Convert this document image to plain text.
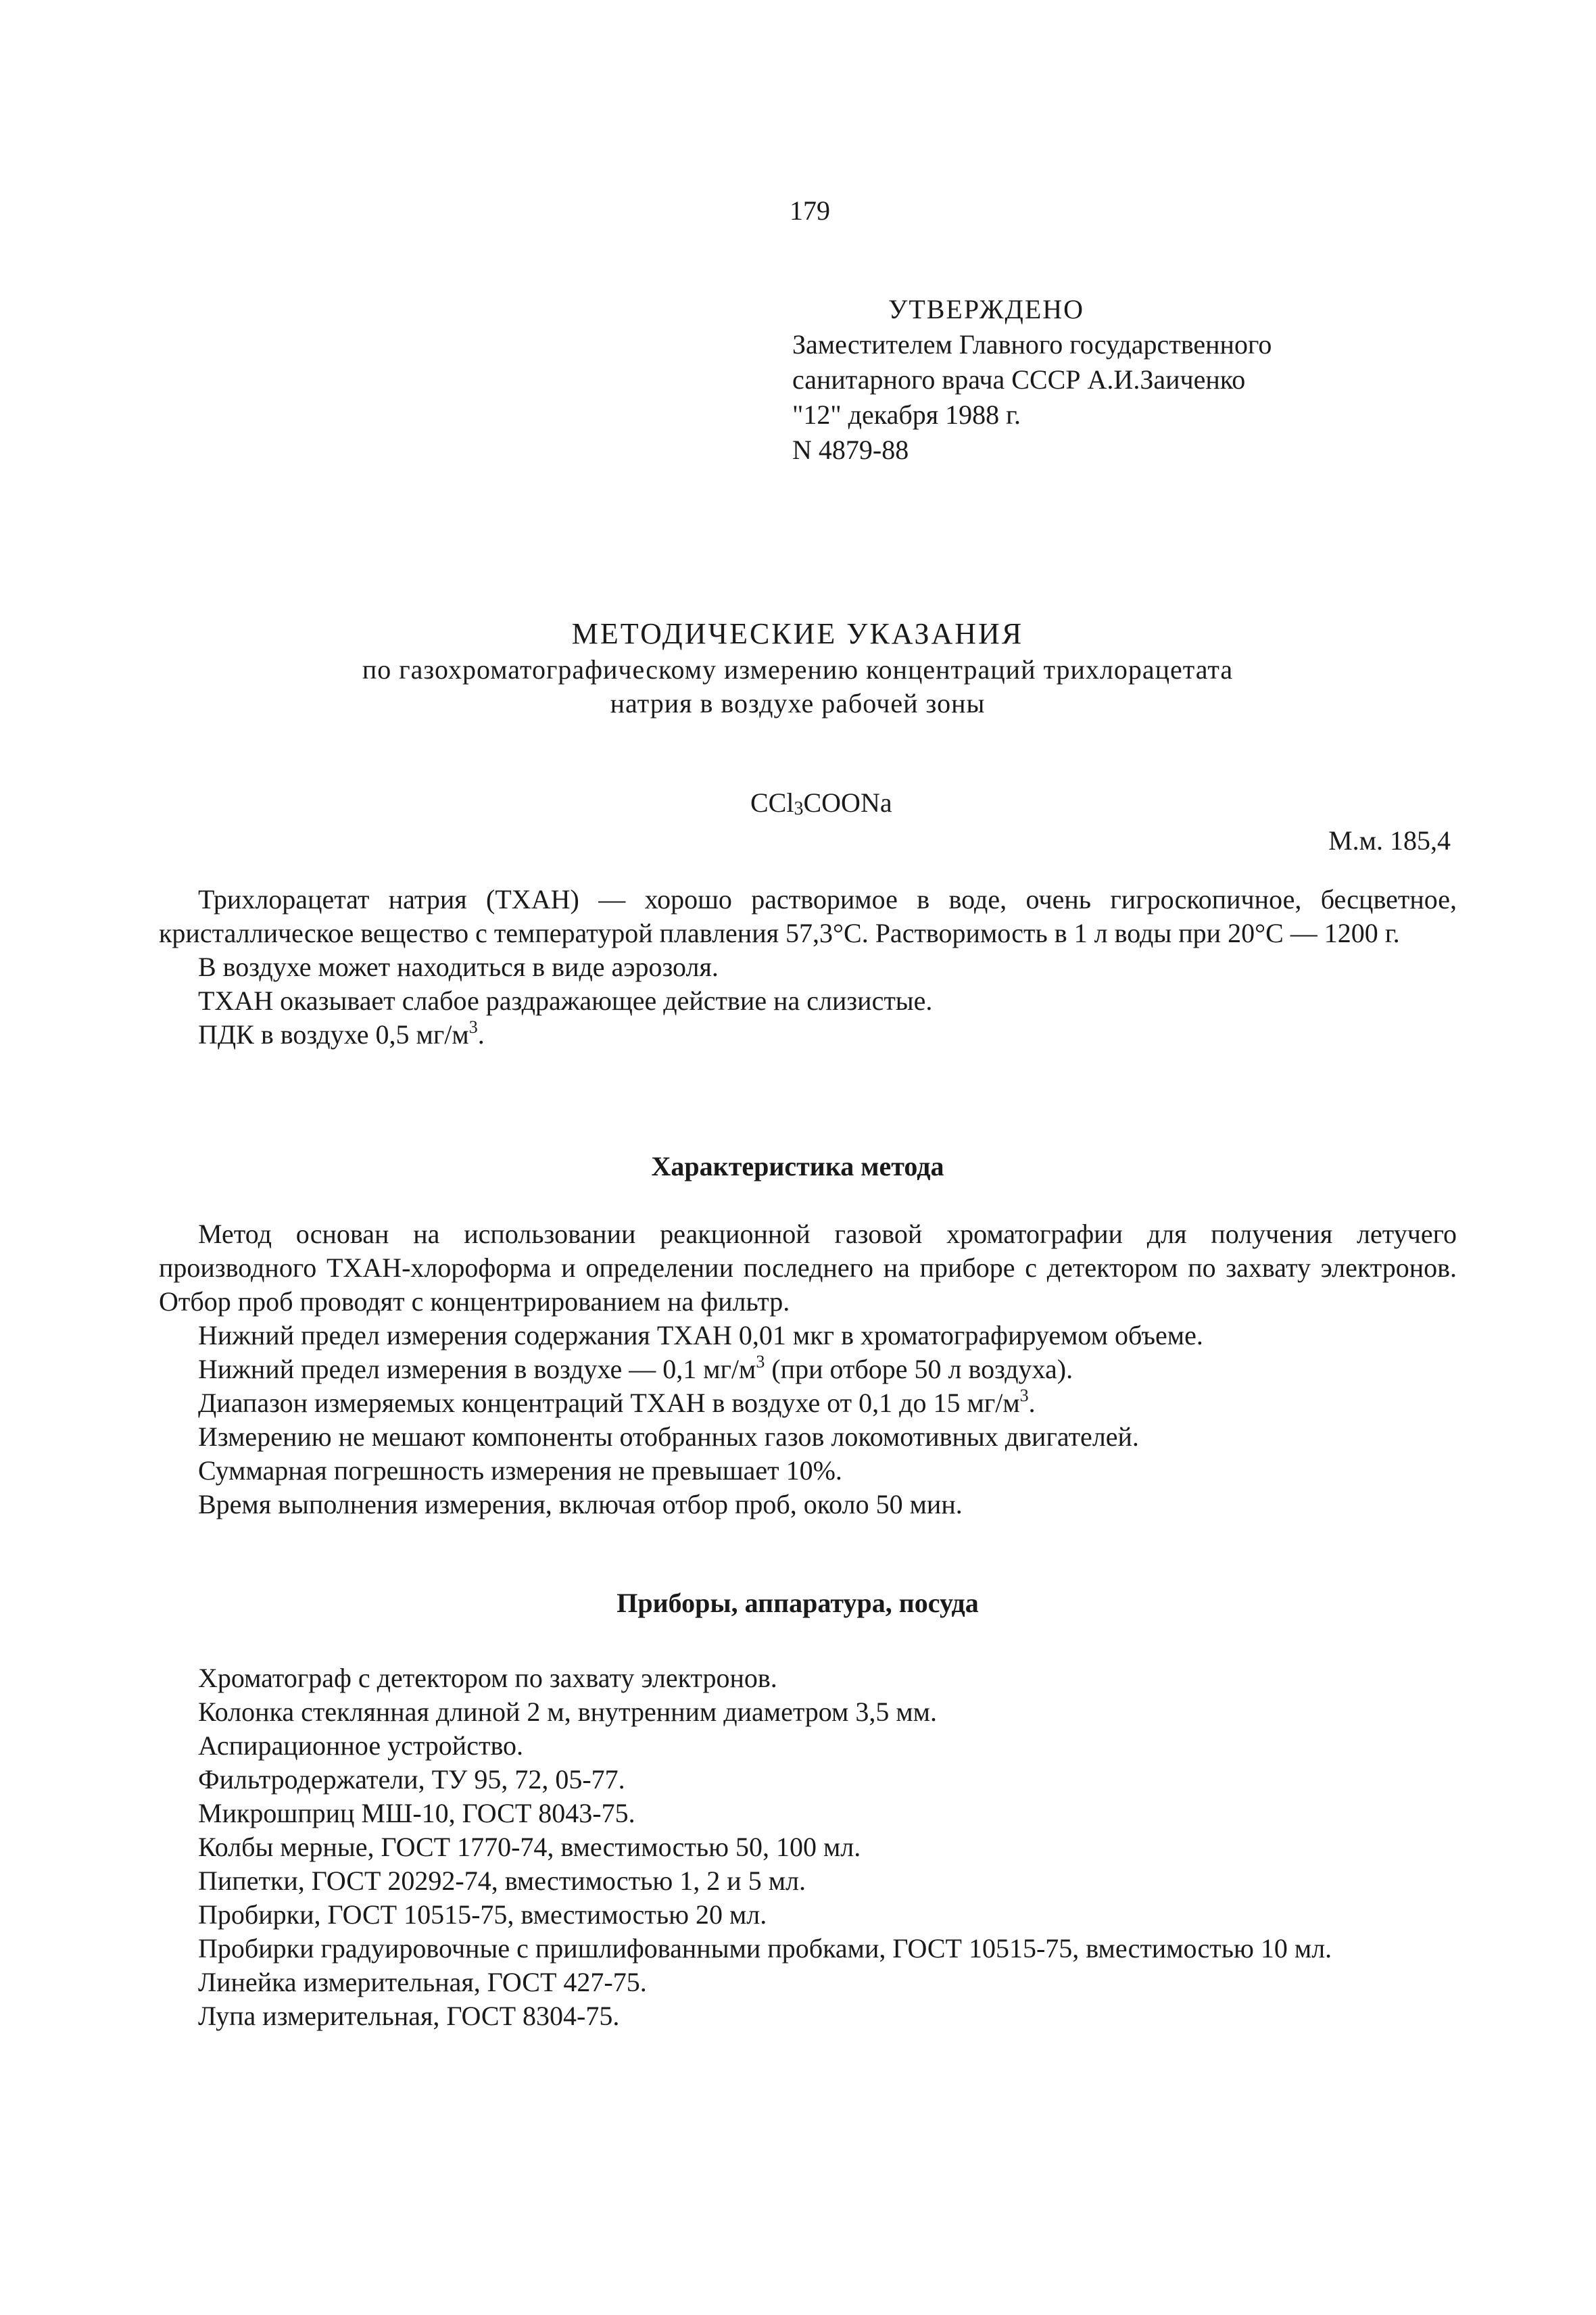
179
УТВЕРЖДЕНО
Заместителем Главного государственного
санитарного врача СССР А.И.Заиченко
"12" декабря 1988 г.
N 4879-88
МЕТОДИЧЕСКИЕ УКАЗАНИЯ
по газохроматографическому измерению концентраций трихлорацетата
натрия в воздухе рабочей зоны
CCl$_3$COONa
М.м. 185,4

Трихлорацетат натрия (ТХАН) — хорошо растворимое в воде, очень гигроскопичное, бесцветное, кристаллическое вещество с температурой плавления 57,3°С. Растворимость в 1 л воды при 20°С — 1200 г.

В воздухе может находиться в виде аэрозоля.

ТХАН оказывает слабое раздражающее действие на слизистые.

ПДК в воздухе 0,5 $мг/м^3$.

Характеристика метода

Метод основан на использовании реакционной газовой хроматографии для получения летучего производного ТХАН-хлороформа и определении последнего на приборе с детектором по захвату электронов. Отбор проб проводят с концентрированием на фильтр.

Нижний предел измерения содержания ТХАН 0,01 мкг в хроматографируемом объеме.

Нижний предел измерения в воздухе — 0,1 $мг/м^3$ (при отборе 50 л воздуха).

Диапазон измеряемых концентраций ТХАН в воздухе от 0,1 до 15 $мг/м^3$.

Измерению не мешают компоненты отобранных газов локомотивных двигателей.

Суммарная погрешность измерения не превышает 10%.

Время выполнения измерения, включая отбор проб, около 50 мин.

Приборы, аппаратура, посуда

Хроматограф с детектором по захвату электронов.

Колонка стеклянная длиной 2 м, внутренним диаметром 3,5 мм.

Аспирационное устройство.

Фильтродержатели, ТУ 95, 72, 05-77.

Микрошприц МШ-10, ГОСТ 8043-75.

Колбы мерные, ГОСТ 1770-74, вместимостью 50, 100 мл.

Пипетки, ГОСТ 20292-74, вместимостью 1, 2 и 5 мл.

Пробирки, ГОСТ 10515-75, вместимостью 20 мл.

Пробирки градуировочные с пришлифованными пробками, ГОСТ 10515-75, вместимостью 10 мл.

Линейка измерительная, ГОСТ 427-75.

Лупа измерительная, ГОСТ 8304-75.
